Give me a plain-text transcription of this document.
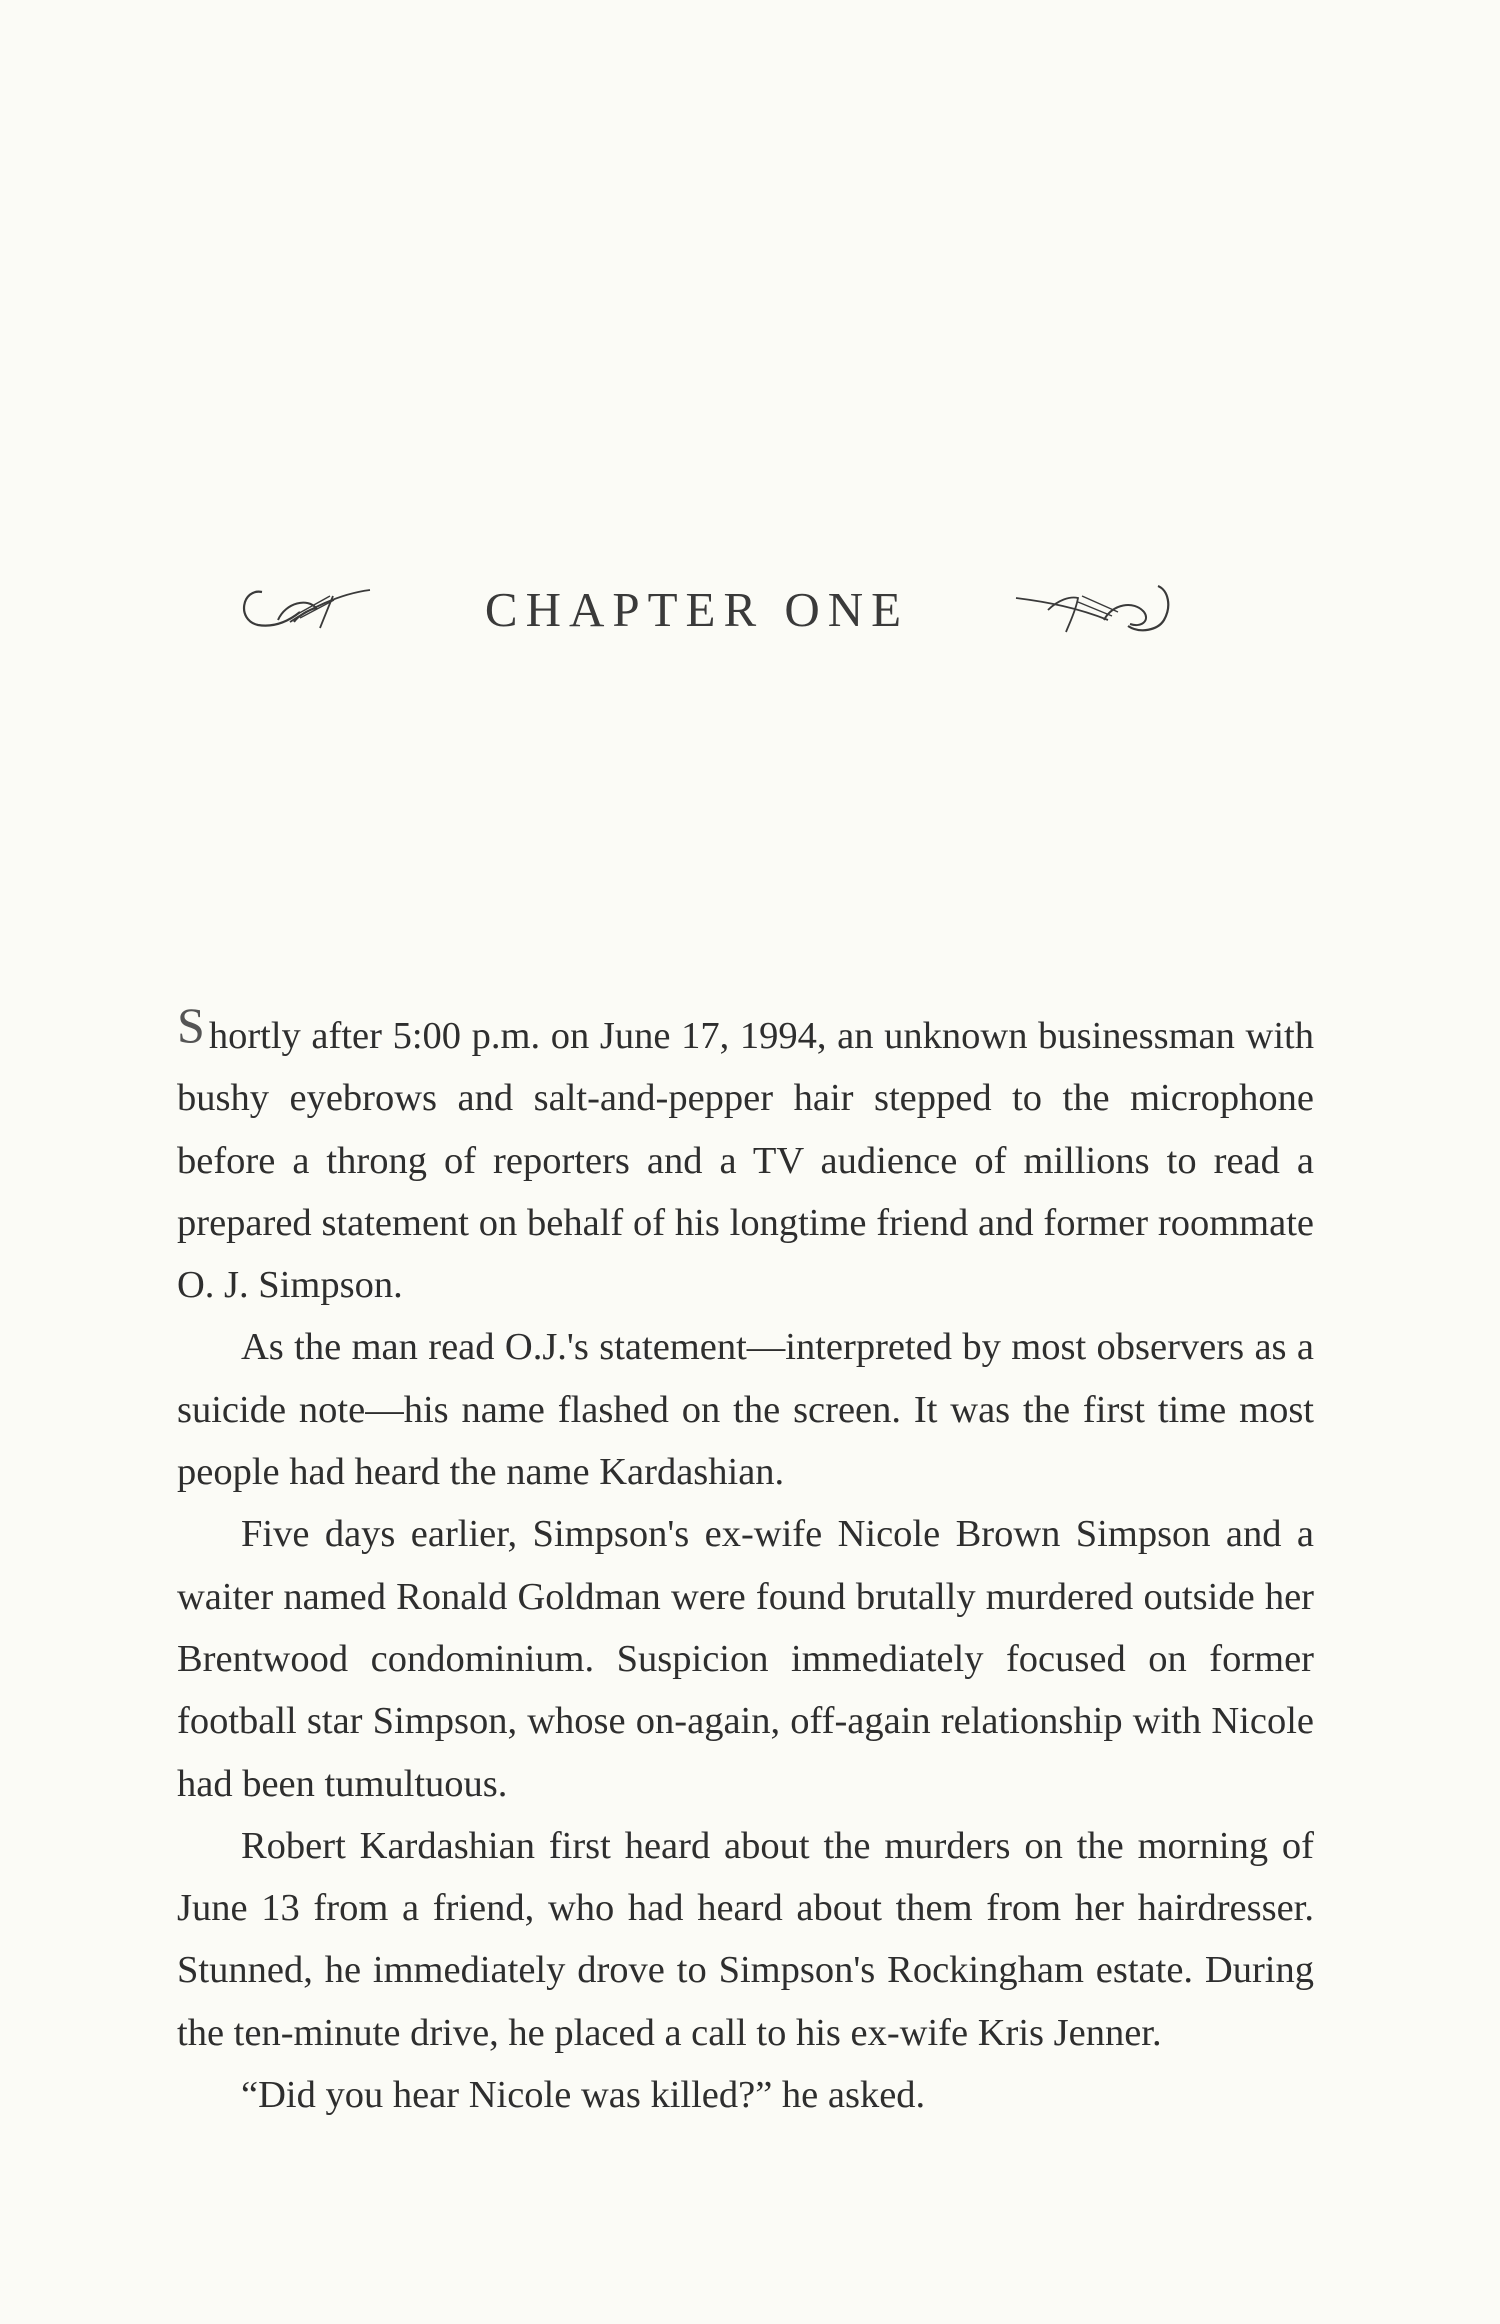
CHAPTER ONE

S hortly after 5:00 p.m. on June 17, 1994, an unknown businessman with bushy eyebrows and salt-and-pepper hair stepped to the microphone before a throng of reporters and a TV audience of millions to read a prepared statement on behalf of his longtime friend and former roommate O. J. Simpson.

As the man read O.J.'s statement—interpreted by most observers as a suicide note—his name flashed on the screen. It was the first time most people had heard the name Kardashian.

Five days earlier, Simpson's ex-wife Nicole Brown Simpson and a waiter named Ronald Goldman were found brutally murdered outside her Brentwood condominium. Suspicion immediately focused on former football star Simpson, whose on-again, off-again relationship with Nicole had been tumultuous.

Robert Kardashian first heard about the murders on the morning of June 13 from a friend, who had heard about them from her hairdresser. Stunned, he immediately drove to Simpson's Rockingham estate. During the ten-minute drive, he placed a call to his ex-wife Kris Jenner.

“Did you hear Nicole was killed?” he asked.
